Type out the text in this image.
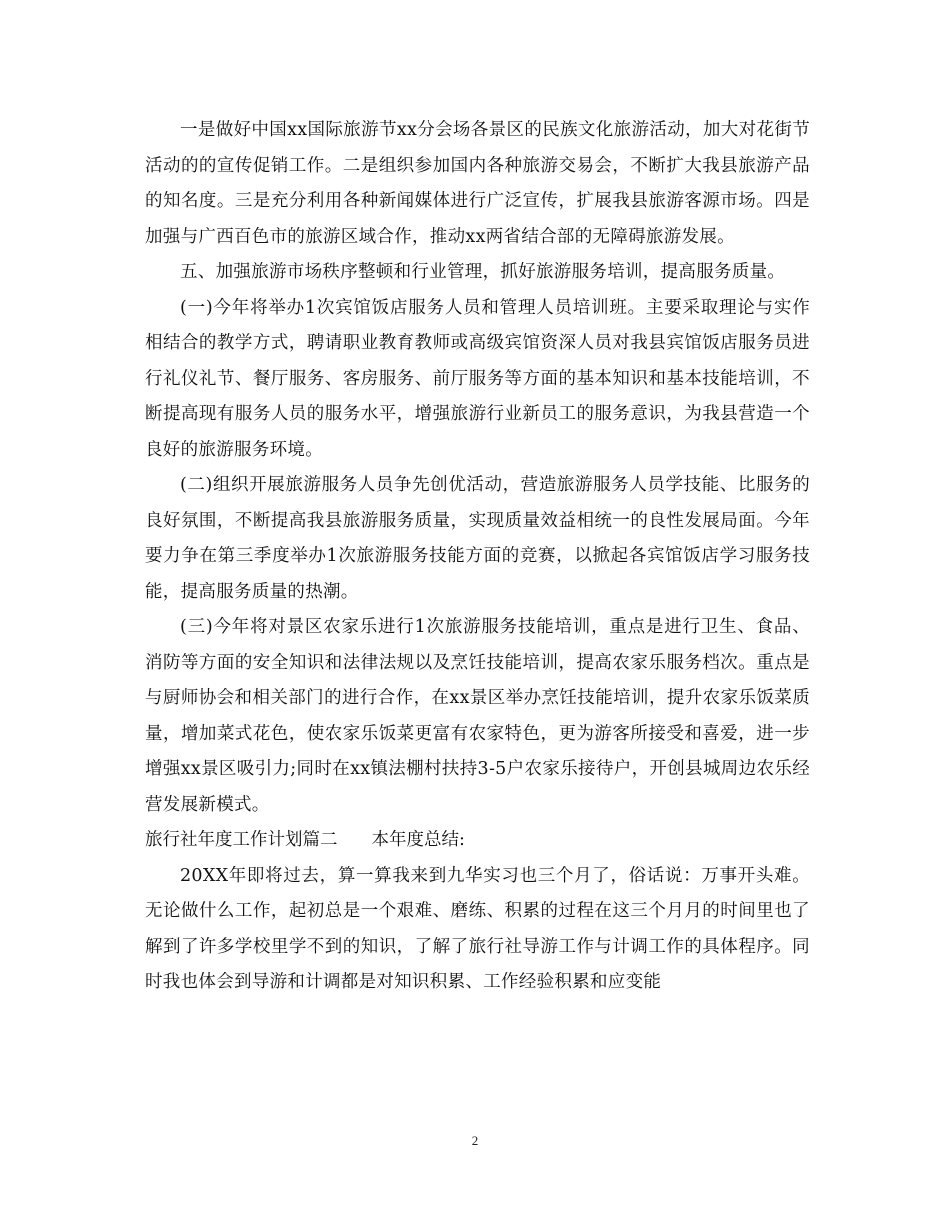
一是做好中国xx国际旅游节xx分会场各景区的民族文化旅游活动，加大对花街节活动的的宣传促销工作。二是组织参加国内各种旅游交易会，不断扩大我县旅游产品的知名度。三是充分利用各种新闻媒体进行广泛宣传，扩展我县旅游客源市场。四是加强与广西百色市的旅游区域合作，推动xx两省结合部的无障碍旅游发展。

五、加强旅游市场秩序整顿和行业管理，抓好旅游服务培训，提高服务质量。

(一)今年将举办1次宾馆饭店服务人员和管理人员培训班。主要采取理论与实作相结合的教学方式，聘请职业教育教师或高级宾馆资深人员对我县宾馆饭店服务员进行礼仪礼节、餐厅服务、客房服务、前厅服务等方面的基本知识和基本技能培训，不断提高现有服务人员的服务水平，增强旅游行业新员工的服务意识，为我县营造一个良好的旅游服务环境。

(二)组织开展旅游服务人员争先创优活动，营造旅游服务人员学技能、比服务的良好氛围，不断提高我县旅游服务质量，实现质量效益相统一的良性发展局面。今年要力争在第三季度举办1次旅游服务技能方面的竞赛，以掀起各宾馆饭店学习服务技能，提高服务质量的热潮。

(三)今年将对景区农家乐进行1次旅游服务技能培训，重点是进行卫生、食品、消防等方面的安全知识和法律法规以及烹饪技能培训，提高农家乐服务档次。重点是与厨师协会和相关部门的进行合作，在xx景区举办烹饪技能培训，提升农家乐饭菜质量，增加菜式花色，使农家乐饭菜更富有农家特色，更为游客所接受和喜爱，进一步增强xx景区吸引力;同时在xx镇法棚村扶持3-5户农家乐接待户，开创县城周边农乐经营发展新模式。

旅行社年度工作计划篇二 本年度总结:

20XX年即将过去，算一算我来到九华实习也三个月了，俗话说：万事开头难。无论做什么工作，起初总是一个艰难、磨练、积累的过程在这三个月月的时间里也了解到了许多学校里学不到的知识，了解了旅行社导游工作与计调工作的具体程序。同时我也体会到导游和计调都是对知识积累、工作经验积累和应变能

2
